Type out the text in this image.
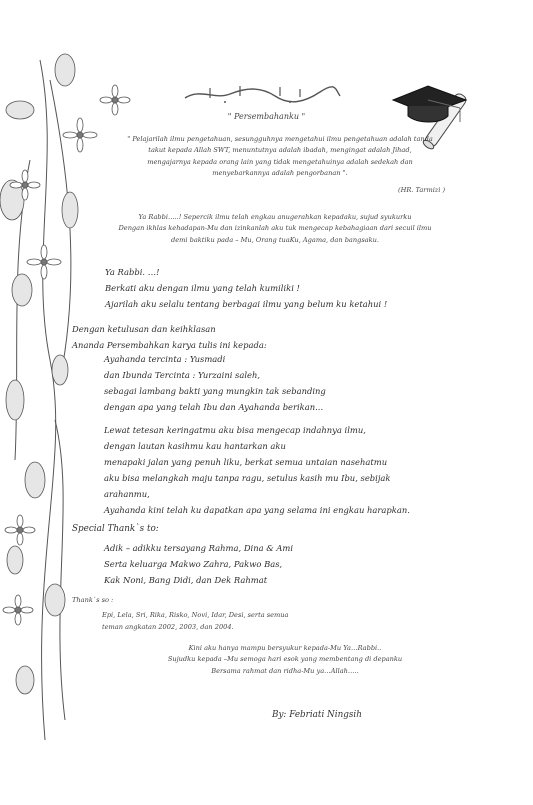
" Persembahanku "
" Pelajarilah ilmu pengetahuan, sesungguhnya mengetahui ilmu pengetahuan adalah tanda
takut kepada Allah SWT, menuntutnya adalah ibadah, mengingat adalah Jihad,
mengajarnya kepada orang lain yang tidak mengetahuinya adalah sedekah dan
menyebarkannya adalah pengorbanan ".
(HR. Tarmizi )
Ya Rabbi…..! Sepercik ilmu telah engkau anugerahkan kepadaku, sujud syukurku
Dengan ikhlas kehadapan-Mu dan izinkanlah aku tuk mengecap kebahagiaan dari secuil ilmu
demi baktiku pada – Mu, Orang tuaKu, Agama, dan bangsaku.
Ya Rabbi. …!
Berkati aku dengan ilmu yang telah kumiliki !
Ajarilah aku selalu tentang berbagai ilmu yang belum ku ketahui !
Dengan ketulusan dan keihklasan
Ananda Persembahkan karya tulis ini kepada:
Ayahanda tercinta : Yusmadi
dan Ibunda Tercinta : Yurzaini saleh,
sebagai lambang bakti yang mungkin tak sebanding
dengan apa yang telah Ibu dan Ayahanda berikan...
Lewat tetesan keringatmu aku bisa mengecap indahnya ilmu,
dengan lautan kasihmu kau hantarkan aku
menapaki jalan yang penuh liku, berkat semua untaian nasehatmu
aku bisa melangkah maju tanpa ragu, setulus kasih mu Ibu, sebijak
arahanmu,
Ayahanda kini telah ku dapatkan apa yang selama ini engkau harapkan.
Special Thank`s to:
Adik – adikku tersayang Rahma, Dina & Ami
Serta keluarga Makwo Zahra, Pakwo Bas,
Kak Noni, Bang Didi, dan Dek Rahmat
Thank`s so :
Epi, Lela, Sri, Rika, Risko, Novi, Idar, Desi, serta semua
teman angkatan 2002, 2003, dan 2004.
Kini aku hanya mampu bersyukur kepada-Mu Ya…Rabbi..
Sujudku kepada –Mu semoga hari esok yang membentang di depanku
Bersama rahmat dan ridha-Mu ya…Allah…..
By: Febriati Ningsih
